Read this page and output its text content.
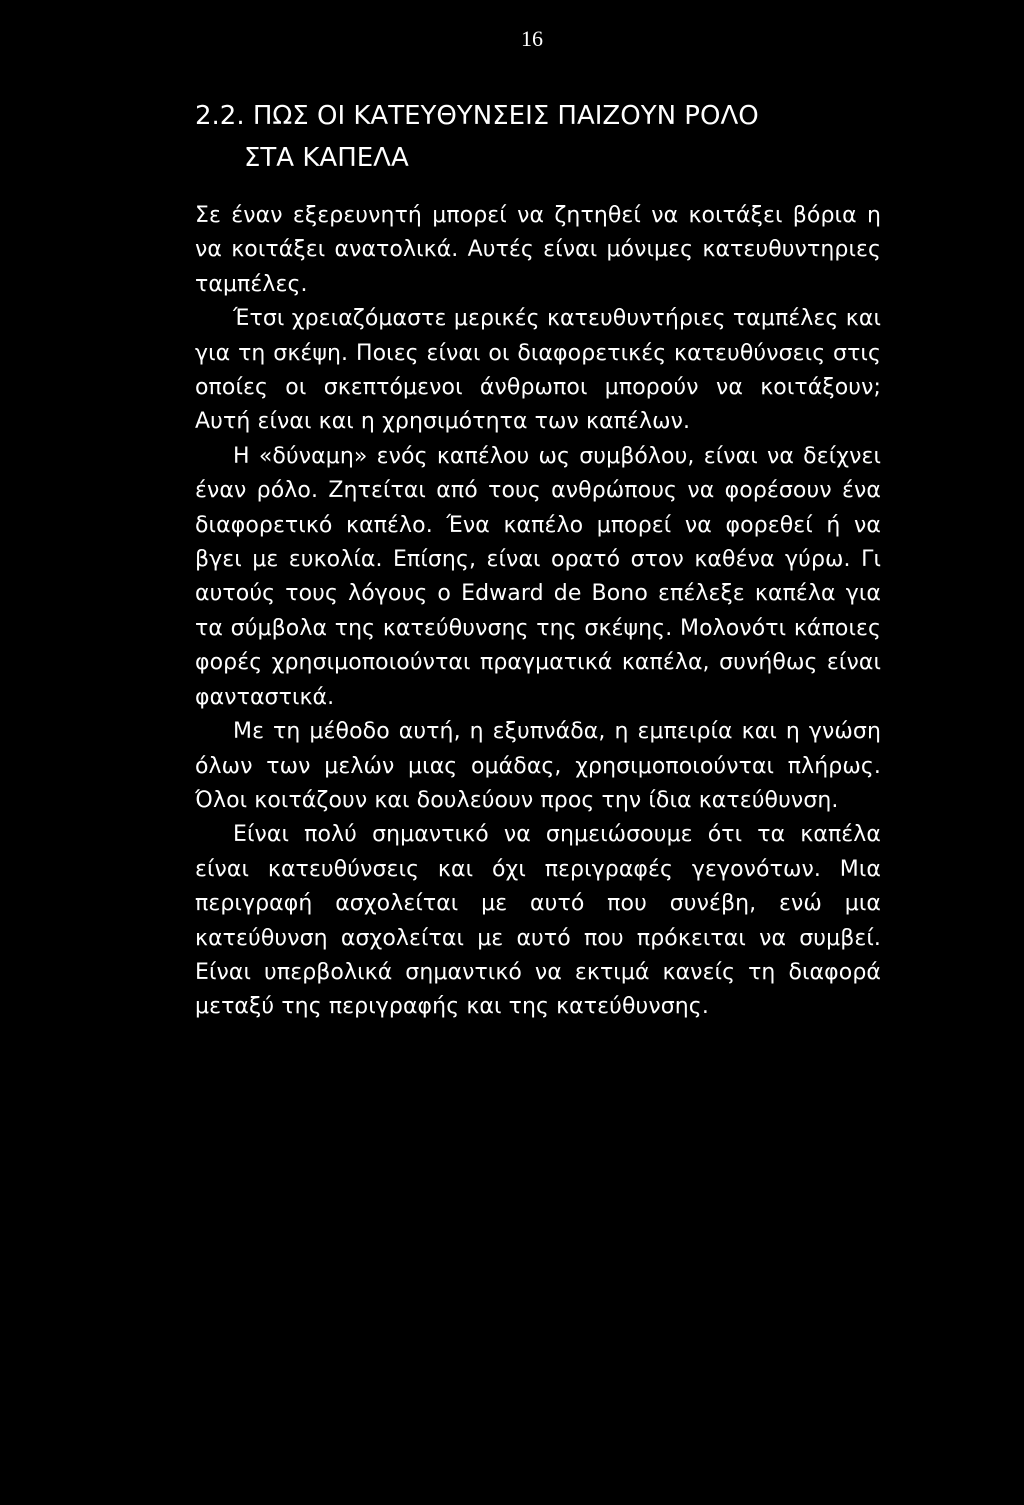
16
2.2. ΠΩΣ ΟΙ ΚΑΤΕΥΘΥΝΣΕΙΣ ΠΑΙΖΟΥΝ ΡΟΛΟ
ΣΤΑ ΚΑΠΕΛΑ

Σε έναν εξερευνητή μπορεί να ζητηθεί να κοιτάξει βόρια η να κοιτάξει ανατολικά. Αυτές είναι μόνιμες κατευθυντηριες ταμπέλες.

Έτσι χρειαζόμαστε μερικές κατευθυντήριες ταμπέλες και για τη σκέψη. Ποιες είναι οι διαφορετικές κατευθύνσεις στις οποίες οι σκεπτόμενοι άνθρωποι μπορούν να κοιτάξουν; Αυτή είναι και η χρησιμότητα των καπέλων.

Η «δύναμη» ενός καπέλου ως συμβόλου, είναι να δείχνει έναν ρόλο. Ζητείται από τους ανθρώπους να φορέσουν ένα διαφορετικό καπέλο. Ένα καπέλο μπορεί να φορεθεί ή να βγει με ευκολία. Επίσης, είναι ορατό στον καθένα γύρω. Γι αυτούς τους λόγους ο Edward de Bono επέλεξε καπέλα για τα σύμβολα της κατεύθυνσης της σκέψης. Μολονότι κάποιες φορές χρησιμοποιούνται πραγματικά καπέλα, συνήθως είναι φανταστικά.

Με τη μέθοδο αυτή, η εξυπνάδα, η εμπειρία και η γνώση όλων των μελών μιας ομάδας, χρησιμοποιούνται πλήρως. Όλοι κοιτάζουν και δουλεύουν προς την ίδια κατεύθυνση.

Είναι πολύ σημαντικό να σημειώσουμε ότι τα καπέλα είναι κατευθύνσεις και όχι περιγραφές γεγονότων. Μια περιγραφή ασχολείται με αυτό που συνέβη, ενώ μια κατεύθυνση ασχολείται με αυτό που πρόκειται να συμβεί. Είναι υπερβολικά σημαντικό να εκτιμά κανείς τη διαφορά μεταξύ της περιγραφής και της κατεύθυνσης.
